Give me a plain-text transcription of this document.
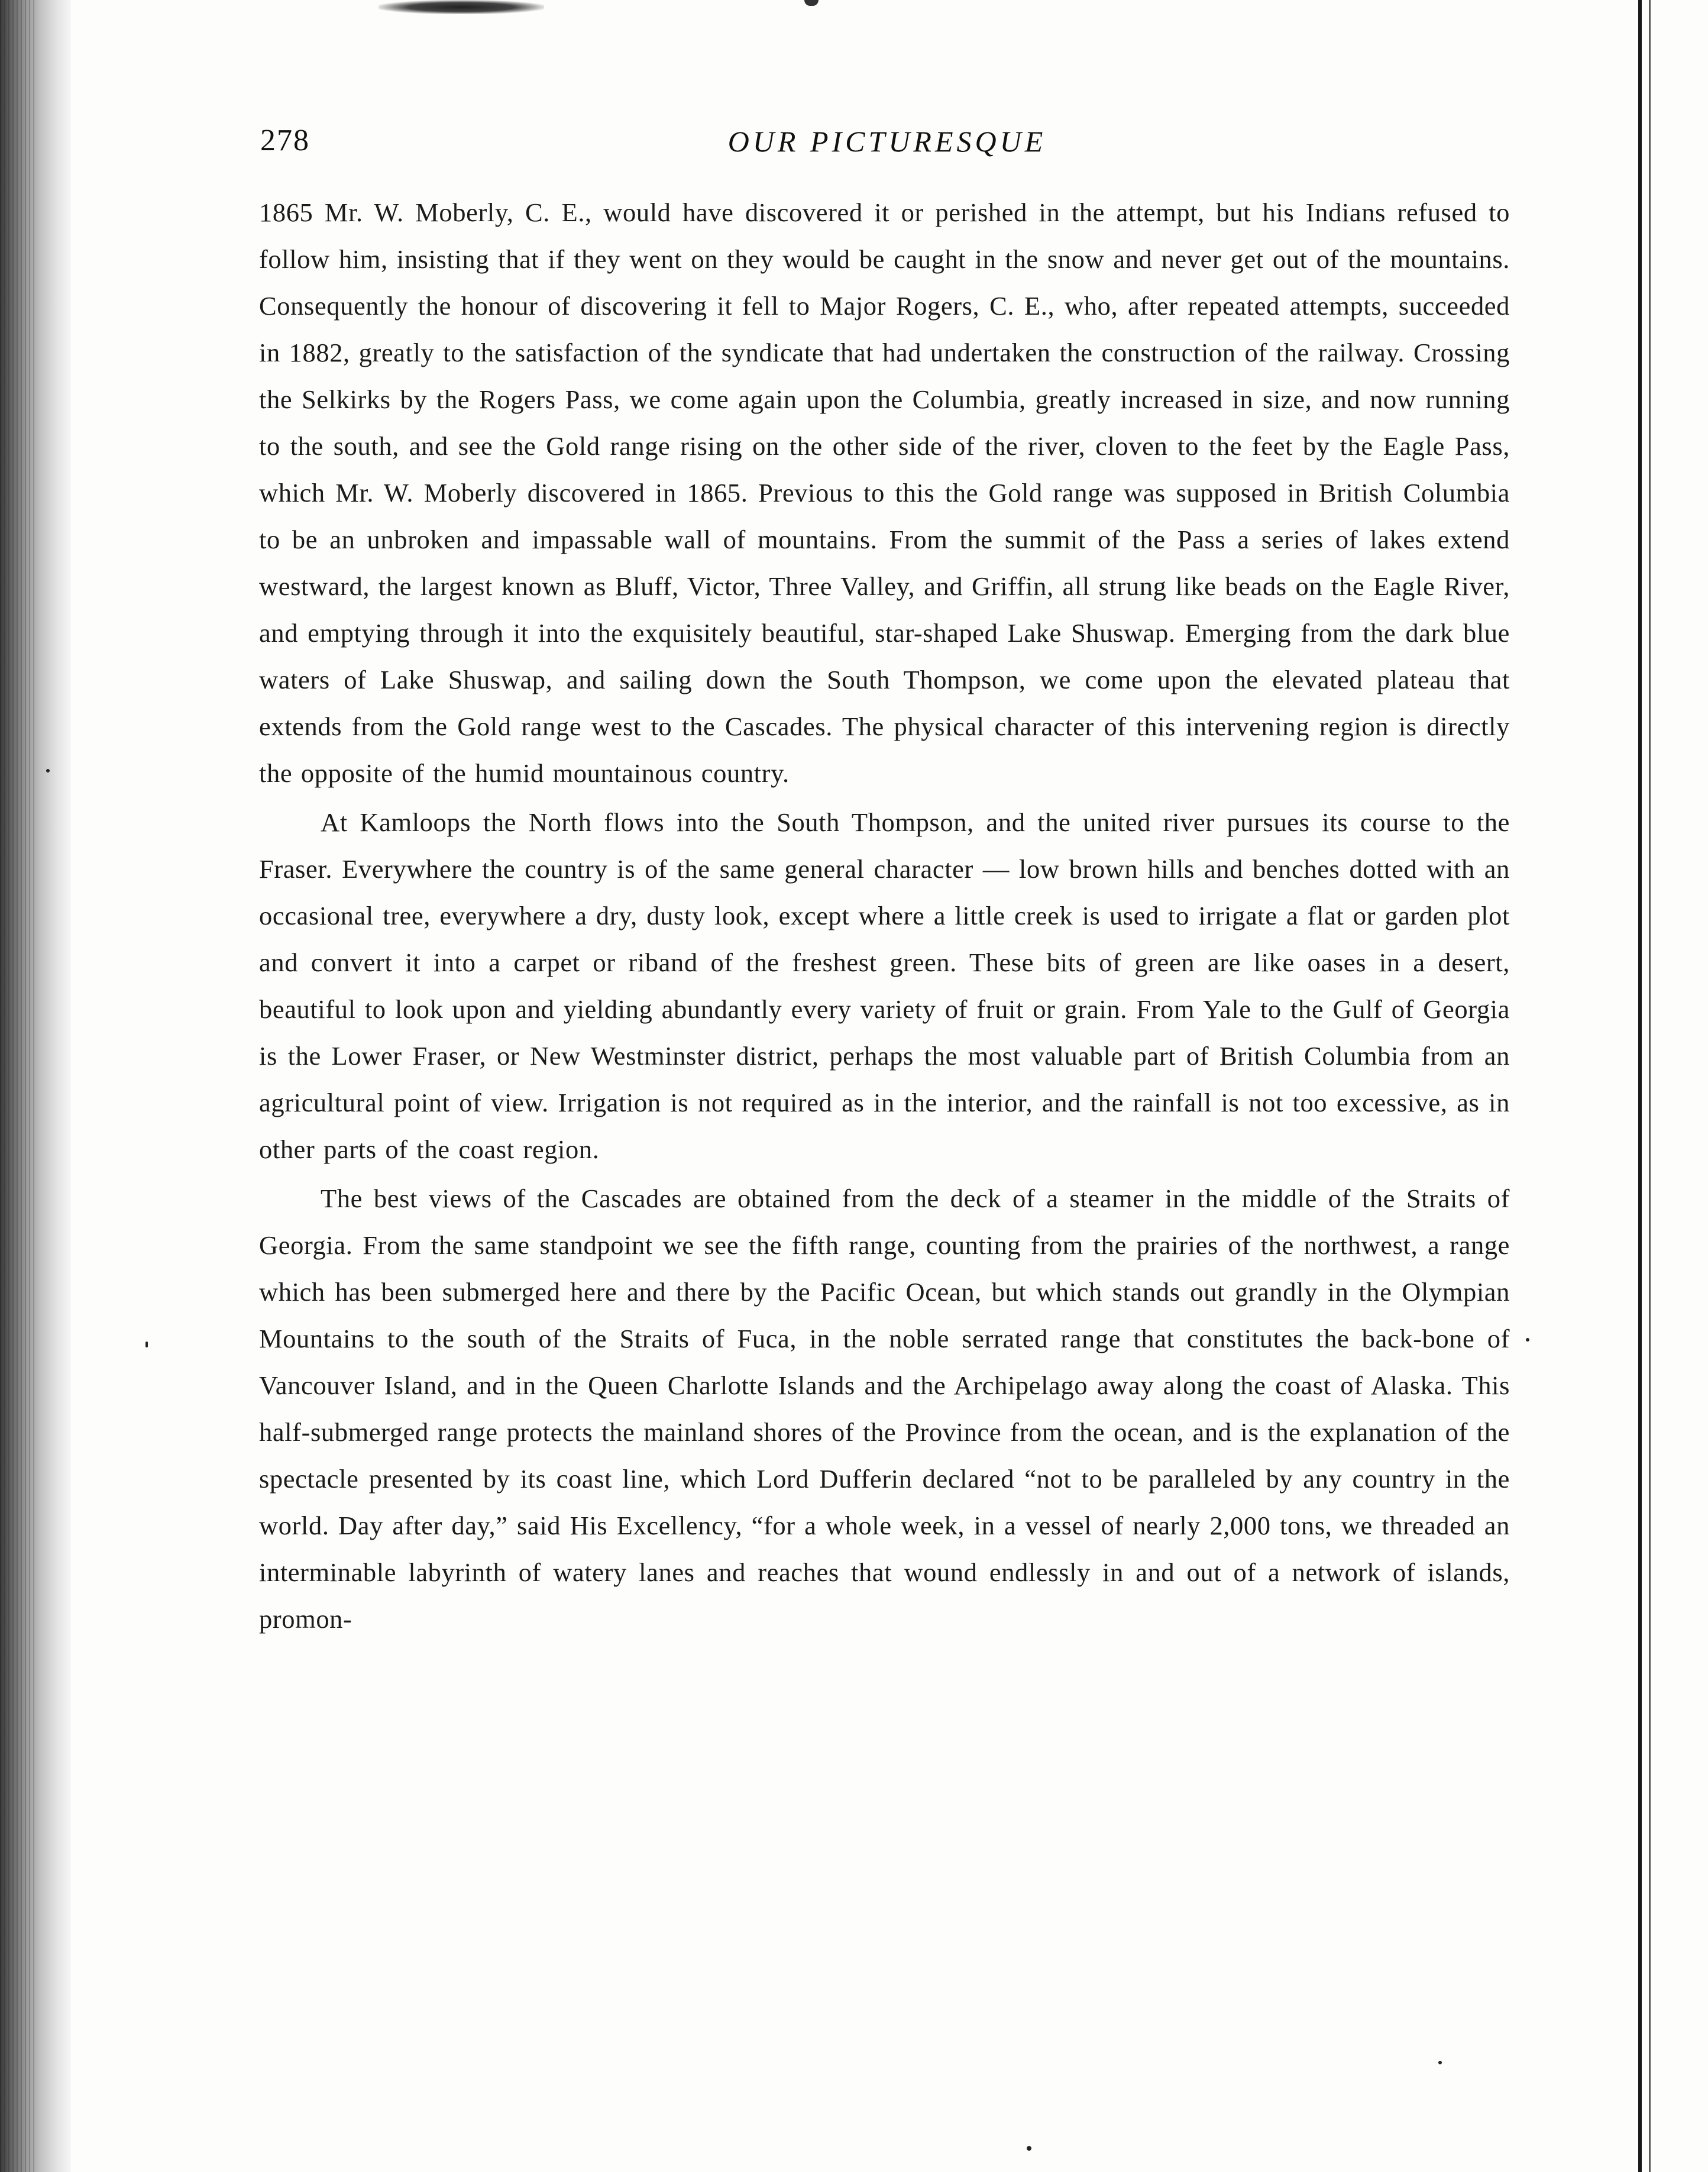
278	OUR PICTURESQUE

1865 Mr. W. Moberly, C. E., would have discovered it or perished in the attempt, but his Indians refused to follow him, insisting that if they went on they would be caught in the snow and never get out of the mountains. Consequently the honour of discovering it fell to Major Rogers, C. E., who, after repeated attempts, succeeded in 1882, greatly to the satisfaction of the syndicate that had undertaken the construction of the railway. Crossing the Selkirks by the Rogers Pass, we come again upon the Columbia, greatly increased in size, and now running to the south, and see the Gold range rising on the other side of the river, cloven to the feet by the Eagle Pass, which Mr. W. Moberly discovered in 1865. Previous to this the Gold range was supposed in British Columbia to be an unbroken and impassable wall of mountains. From the summit of the Pass a series of lakes extend westward, the largest known as Bluff, Victor, Three Valley, and Griffin, all strung like beads on the Eagle River, and emptying through it into the exquisitely beautiful, star-shaped Lake Shuswap. Emerging from the dark blue waters of Lake Shuswap, and sailing down the South Thompson, we come upon the elevated plateau that extends from the Gold range west to the Cascades. The physical character of this intervening region is directly the opposite of the humid mountainous country.

At Kamloops the North flows into the South Thompson, and the united river pursues its course to the Fraser. Everywhere the country is of the same general character — low brown hills and benches dotted with an occasional tree, everywhere a dry, dusty look, except where a little creek is used to irrigate a flat or garden plot and convert it into a carpet or riband of the freshest green. These bits of green are like oases in a desert, beautiful to look upon and yielding abundantly every variety of fruit or grain. From Yale to the Gulf of Georgia is the Lower Fraser, or New Westminster district, perhaps the most valuable part of British Columbia from an agricultural point of view. Irrigation is not required as in the interior, and the rainfall is not too excessive, as in other parts of the coast region.

The best views of the Cascades are obtained from the deck of a steamer in the middle of the Straits of Georgia. From the same standpoint we see the fifth range, counting from the prairies of the northwest, a range which has been submerged here and there by the Pacific Ocean, but which stands out grandly in the Olympian Mountains to the south of the Straits of Fuca, in the noble serrated range that constitutes the back-bone of Vancouver Island, and in the Queen Charlotte Islands and the Archipelago away along the coast of Alaska. This half-submerged range protects the mainland shores of the Province from the ocean, and is the explanation of the spectacle presented by its coast line, which Lord Dufferin declared “not to be paralleled by any country in the world. Day after day,” said His Excellency, “for a whole week, in a vessel of nearly 2,000 tons, we threaded an interminable labyrinth of watery lanes and reaches that wound endlessly in and out of a network of islands, promon-
